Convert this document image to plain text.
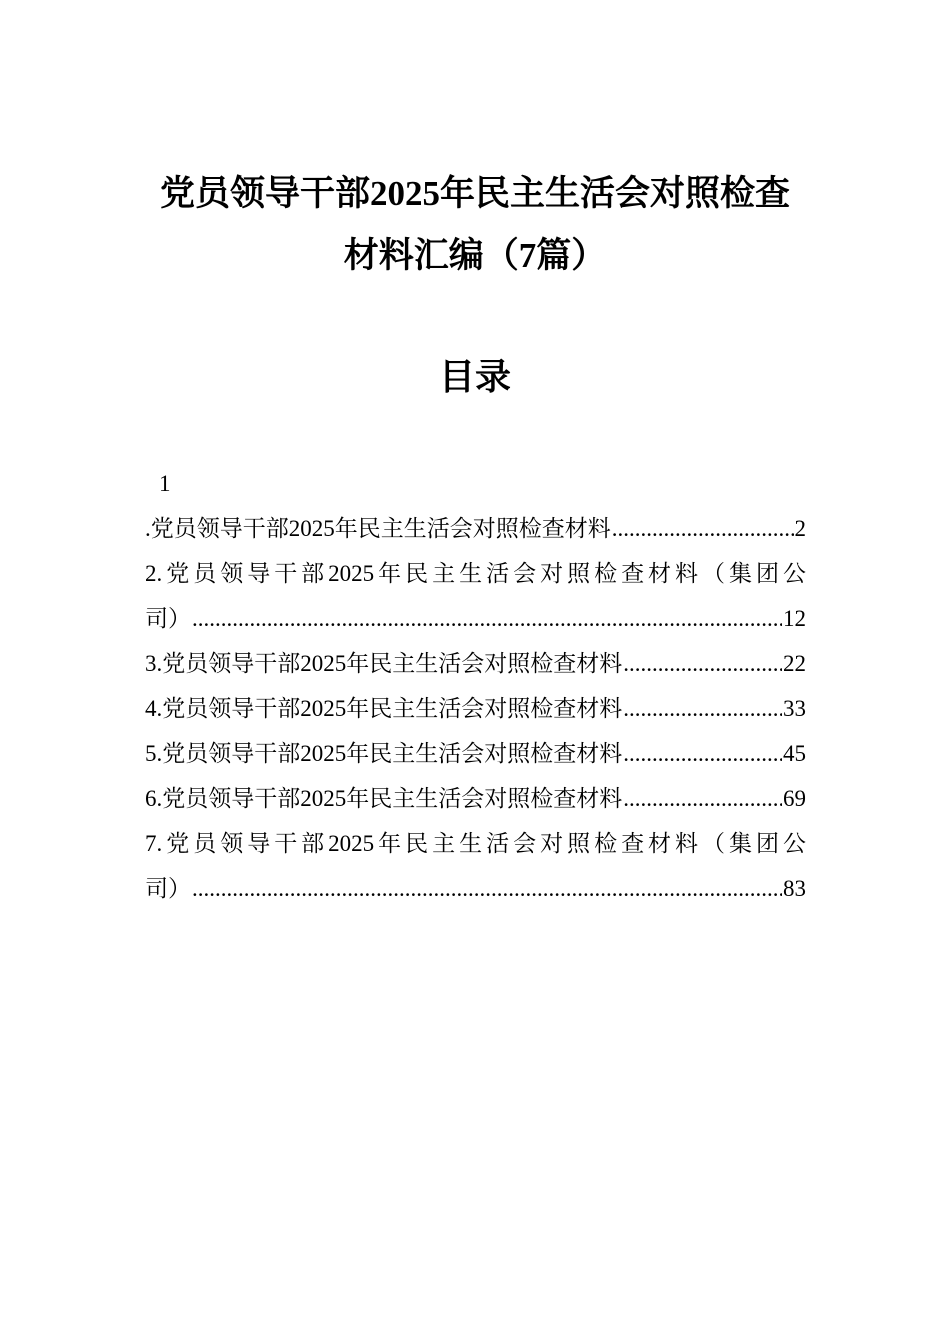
党员领导干部2025年民主生活会对照检查

材料汇编（7篇）

目录
1
.党员领导干部2025年民主生活会对照检查材料 .....	2
2.党员领导干部2025年民主生活会对照检查材料（集团公
司） .....	12
3.党员领导干部2025年民主生活会对照检查材料 .....	22
4.党员领导干部2025年民主生活会对照检查材料 .....	33
5.党员领导干部2025年民主生活会对照检查材料 .....	45
6.党员领导干部2025年民主生活会对照检查材料 .....	69
7.党员领导干部2025年民主生活会对照检查材料（集团公
司） .....	83
